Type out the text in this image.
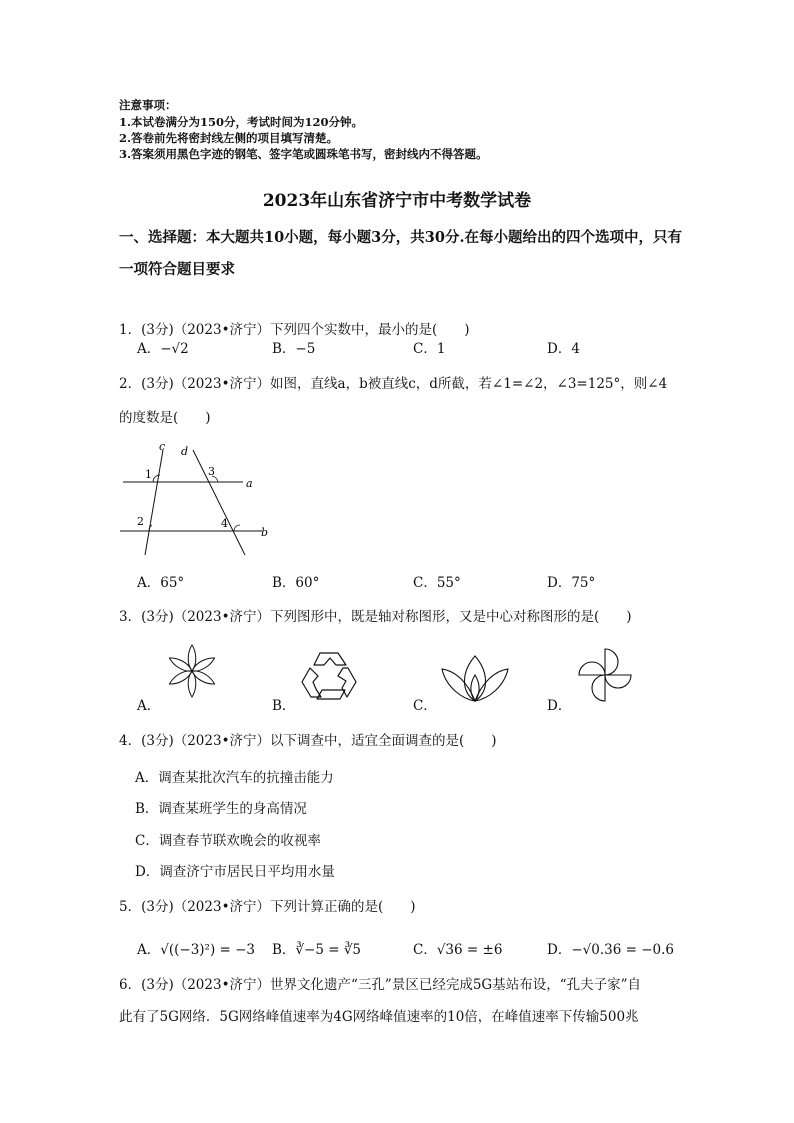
注意事项：
1.本试卷满分为150分，考试时间为120分钟。
2.答卷前先将密封线左侧的项目填写清楚。
3.答案须用黑色字迹的钢笔、签字笔或圆珠笔书写，密封线内不得答题。
2023年山东省济宁市中考数学试卷
一、选择题：本大题共10小题，每小题3分，共30分.在每小题给出的四个选项中，只有
一项符合题目要求
1．(3分)（2023•济宁）下列四个实数中，最小的是(　　)
A．−√2	B．−5	C．1	D．4
2．(3分)（2023•济宁）如图，直线a，b被直线c，d所截，若∠1=∠2，∠3=125°，则∠4
的度数是(　　)
c d
1	3
a
2	4
b
A．65°	B．60°	C．55°	D．75°
3．(3分)（2023•济宁）下列图形中，既是轴对称图形，又是中心对称图形的是(　　)
A．	B．	C．	D．
4．(3分)（2023•济宁）以下调查中，适宜全面调查的是(　　)
A．调查某批次汽车的抗撞击能力
B．调查某班学生的身高情况
C．调查春节联欢晚会的收视率
D．调查济宁市居民日平均用水量
5．(3分)（2023•济宁）下列计算正确的是(　　)
A．√((−3)²) = −3 B．∛−5 = ∛5	C．√36 = ±6	D．−√0.36 = −0.6
6．(3分)（2023•济宁）世界文化遗产“三孔”景区已经完成5G基站布设，“孔夫子家”自
此有了5G网络．5G网络峰值速率为4G网络峰值速率的10倍，在峰值速率下传输500兆
